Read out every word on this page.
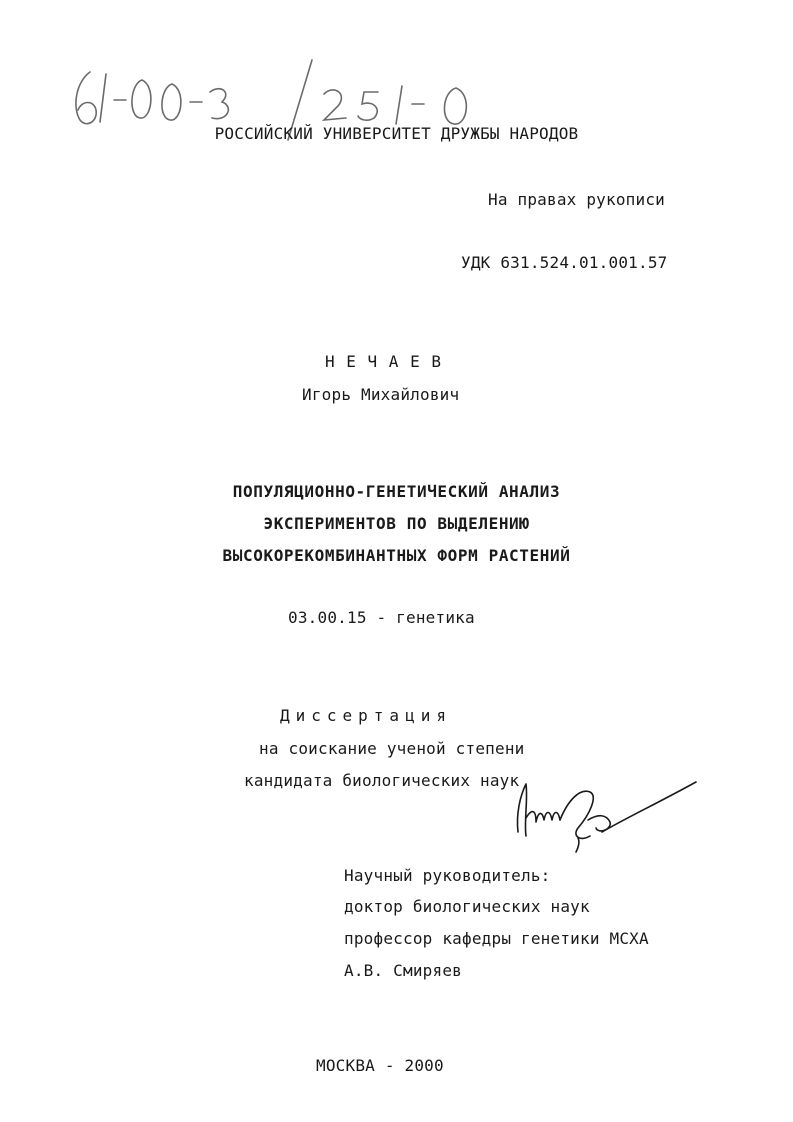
РОССИЙСКИЙ УНИВЕРСИТЕТ ДРУЖБЫ НАРОДОВ
На правах рукописи
УДК 631.524.01.001.57
Н Е Ч А Е В
Игорь Михайлович
ПОПУЛЯЦИОННО-ГЕНЕТИЧЕСКИЙ АНАЛИЗ
ЭКСПЕРИМЕНТОВ ПО ВЫДЕЛЕНИЮ
ВЫСОКОРЕКОМБИНАНТНЫХ ФОРМ РАСТЕНИЙ
03.00.15 - генетика
Диссертация
на соискание ученой степени
кандидата биологических наук
Научный руководитель:
доктор биологических наук
профессор кафедры генетики МСХА
А.В. Смиряев
МОСКВА - 2000
